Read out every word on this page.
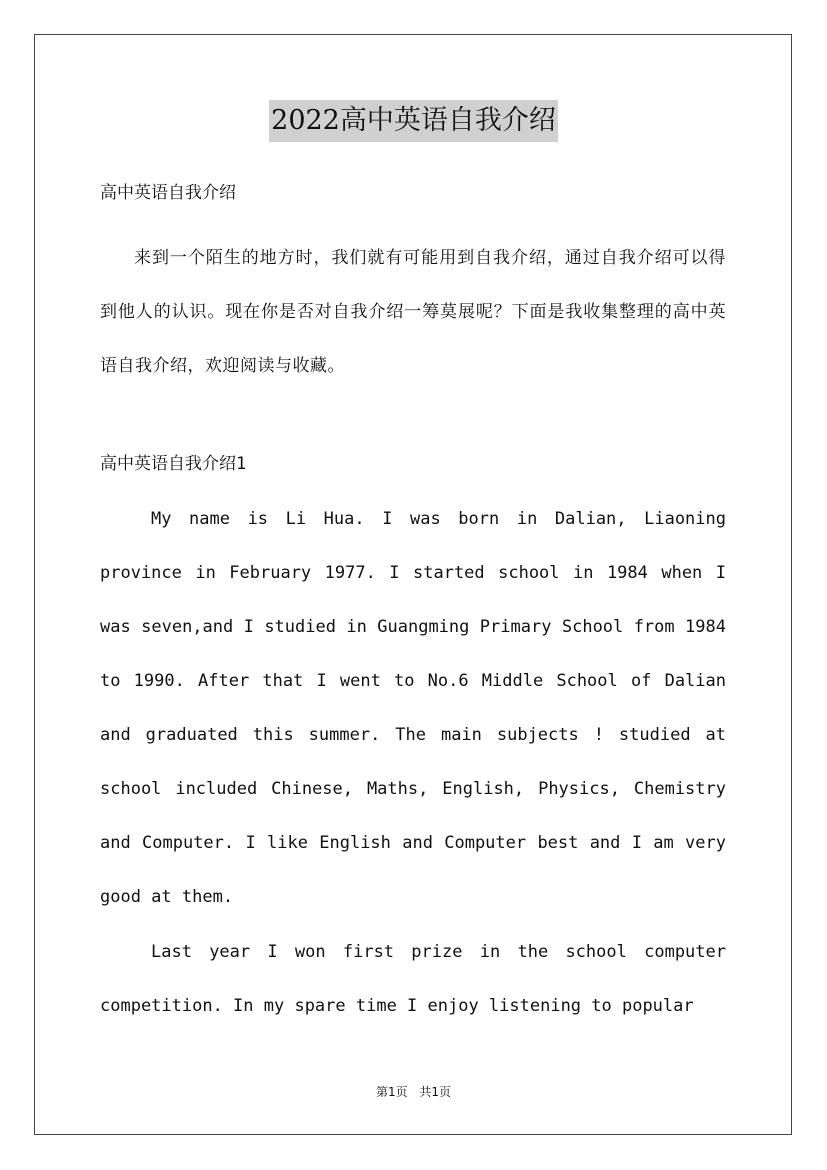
2022高中英语自我介绍

高中英语自我介绍

来到一个陌生的地方时，我们就有可能用到自我介绍，通过自我介绍可以得到他人的认识。现在你是否对自我介绍一筹莫展呢？下面是我收集整理的高中英语自我介绍，欢迎阅读与收藏。

高中英语自我介绍1

My name is Li Hua. I was born in Dalian, Liaoning province in February 1977. I started school in 1984 when I was seven,and I studied in Guangming Primary School from 1984 to 1990. After that I went to No.6 Middle School of Dalian and graduated this summer. The main subjects ! studied at school included Chinese, Maths, English, Physics, Chemistry and Computer. I like English and Computer best and I am very good at them.

Last year I won first prize in the school computer competition. In my spare time I enjoy listening to popular

第1页 共1页
